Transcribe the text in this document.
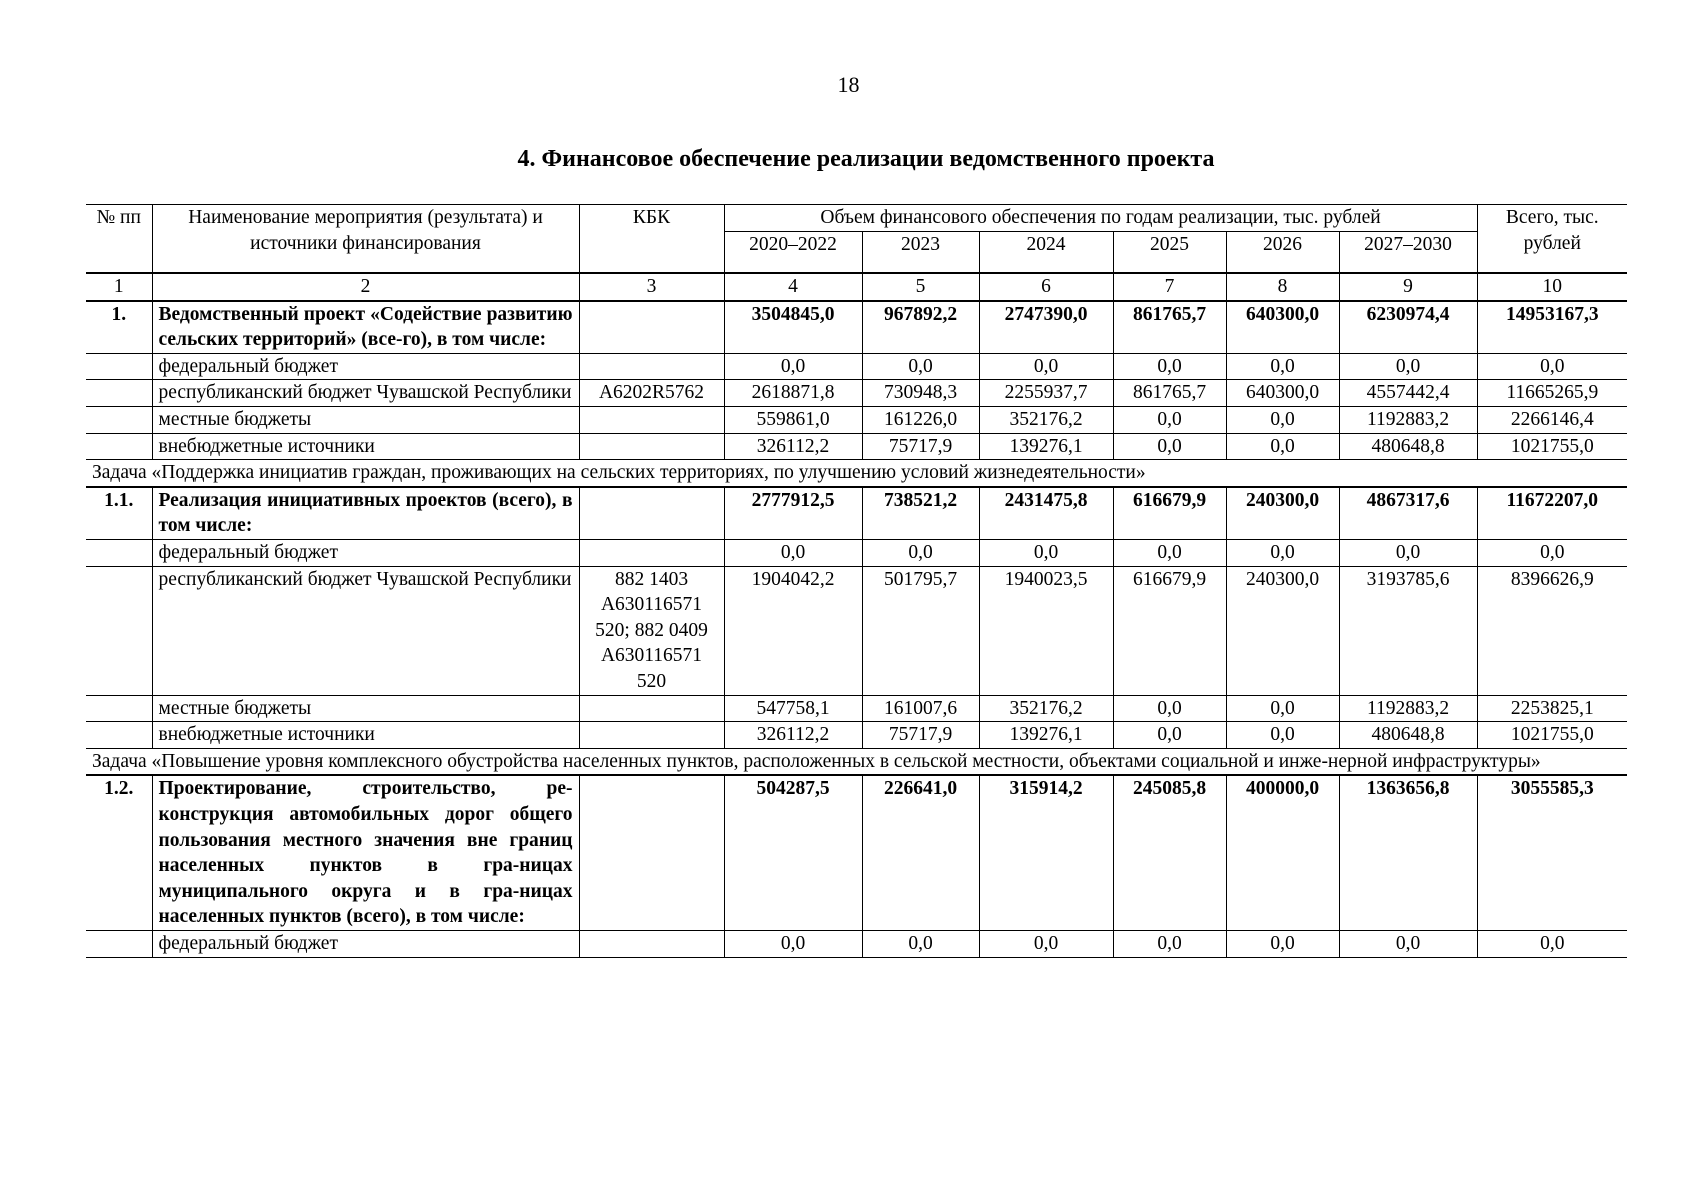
18
4. Финансовое обеспечение реализации ведомственного проекта
№ пп	Наименование мероприятия (результата) и источники финансирования	КБК	Объем финансового обеспечения по годам реализации, тыс. рублей						Всего, тыс. рублей
			2020–2022	2023	2024	2025	2026	2027–2030	
1	2	3	4	5	6	7	8	9	10
1.	Ведомственный проект «Содействие развитию сельских территорий» (все-го), в том числе:		3504845,0	967892,2	2747390,0	861765,7	640300,0	6230974,4	14953167,3
	федеральный бюджет		0,0	0,0	0,0	0,0	0,0	0,0	0,0
	республиканский бюджет Чувашской Республики	А6202R5762	2618871,8	730948,3	2255937,7	861765,7	640300,0	4557442,4	11665265,9
	местные бюджеты		559861,0	161226,0	352176,2	0,0	0,0	1192883,2	2266146,4
	внебюджетные источники		326112,2	75717,9	139276,1	0,0	0,0	480648,8	1021755,0
Задача «Поддержка инициатив граждан, проживающих на сельских территориях, по улучшению условий жизнедеятельности»									
1.1.	Реализация инициативных проектов (всего), в том числе:		2777912,5	738521,2	2431475,8	616679,9	240300,0	4867317,6	11672207,0
	федеральный бюджет		0,0	0,0	0,0	0,0	0,0	0,0	0,0
	республиканский бюджет Чувашской Республики	882 1403 А630116571 520; 882 0409 А630116571 520	1904042,2	501795,7	1940023,5	616679,9	240300,0	3193785,6	8396626,9
	местные бюджеты		547758,1	161007,6	352176,2	0,0	0,0	1192883,2	2253825,1
	внебюджетные источники		326112,2	75717,9	139276,1	0,0	0,0	480648,8	1021755,0
Задача «Повышение уровня комплексного обустройства населенных пунктов, расположенных в сельской местности, объектами социальной и инже-нерной инфраструктуры»									
1.2.	Проектирование, строительство, ре-конструкция автомобильных дорог общего пользования местного значения вне границ населенных пунктов в гра-ницах муниципального округа и в гра-ницах населенных пунктов (всего), в том числе:		504287,5	226641,0	315914,2	245085,8	400000,0	1363656,8	3055585,3
	федеральный бюджет		0,0	0,0	0,0	0,0	0,0	0,0	0,0
